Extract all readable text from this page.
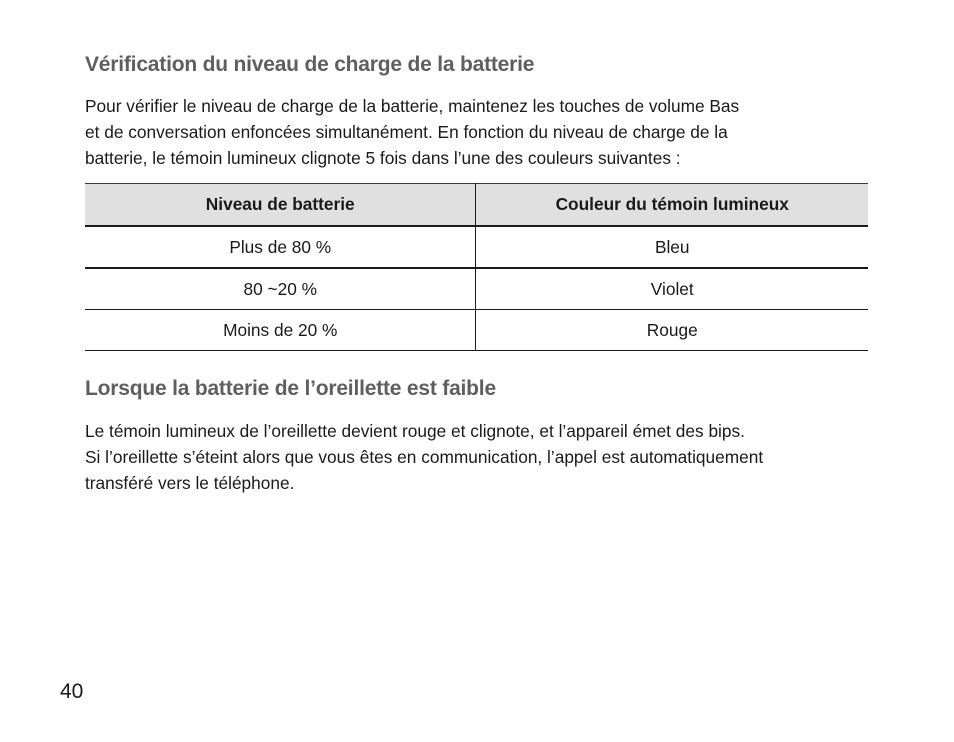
Vérification du niveau de charge de la batterie

Pour vérifier le niveau de charge de la batterie, maintenez les touches de volume Bas
et de conversation enfoncées simultanément. En fonction du niveau de charge de la
batterie, le témoin lumineux clignote 5 fois dans l’une des couleurs suivantes :

Niveau de batterie	Couleur du témoin lumineux
Plus de 80 %	Bleu
80 ~20 %	Violet
Moins de 20 %	Rouge
Lorsque la batterie de l’oreillette est faible

Le témoin lumineux de l’oreillette devient rouge et clignote, et l’appareil émet des bips.
Si l’oreillette s’éteint alors que vous êtes en communication, l’appel est automatiquement
transféré vers le téléphone.

40
